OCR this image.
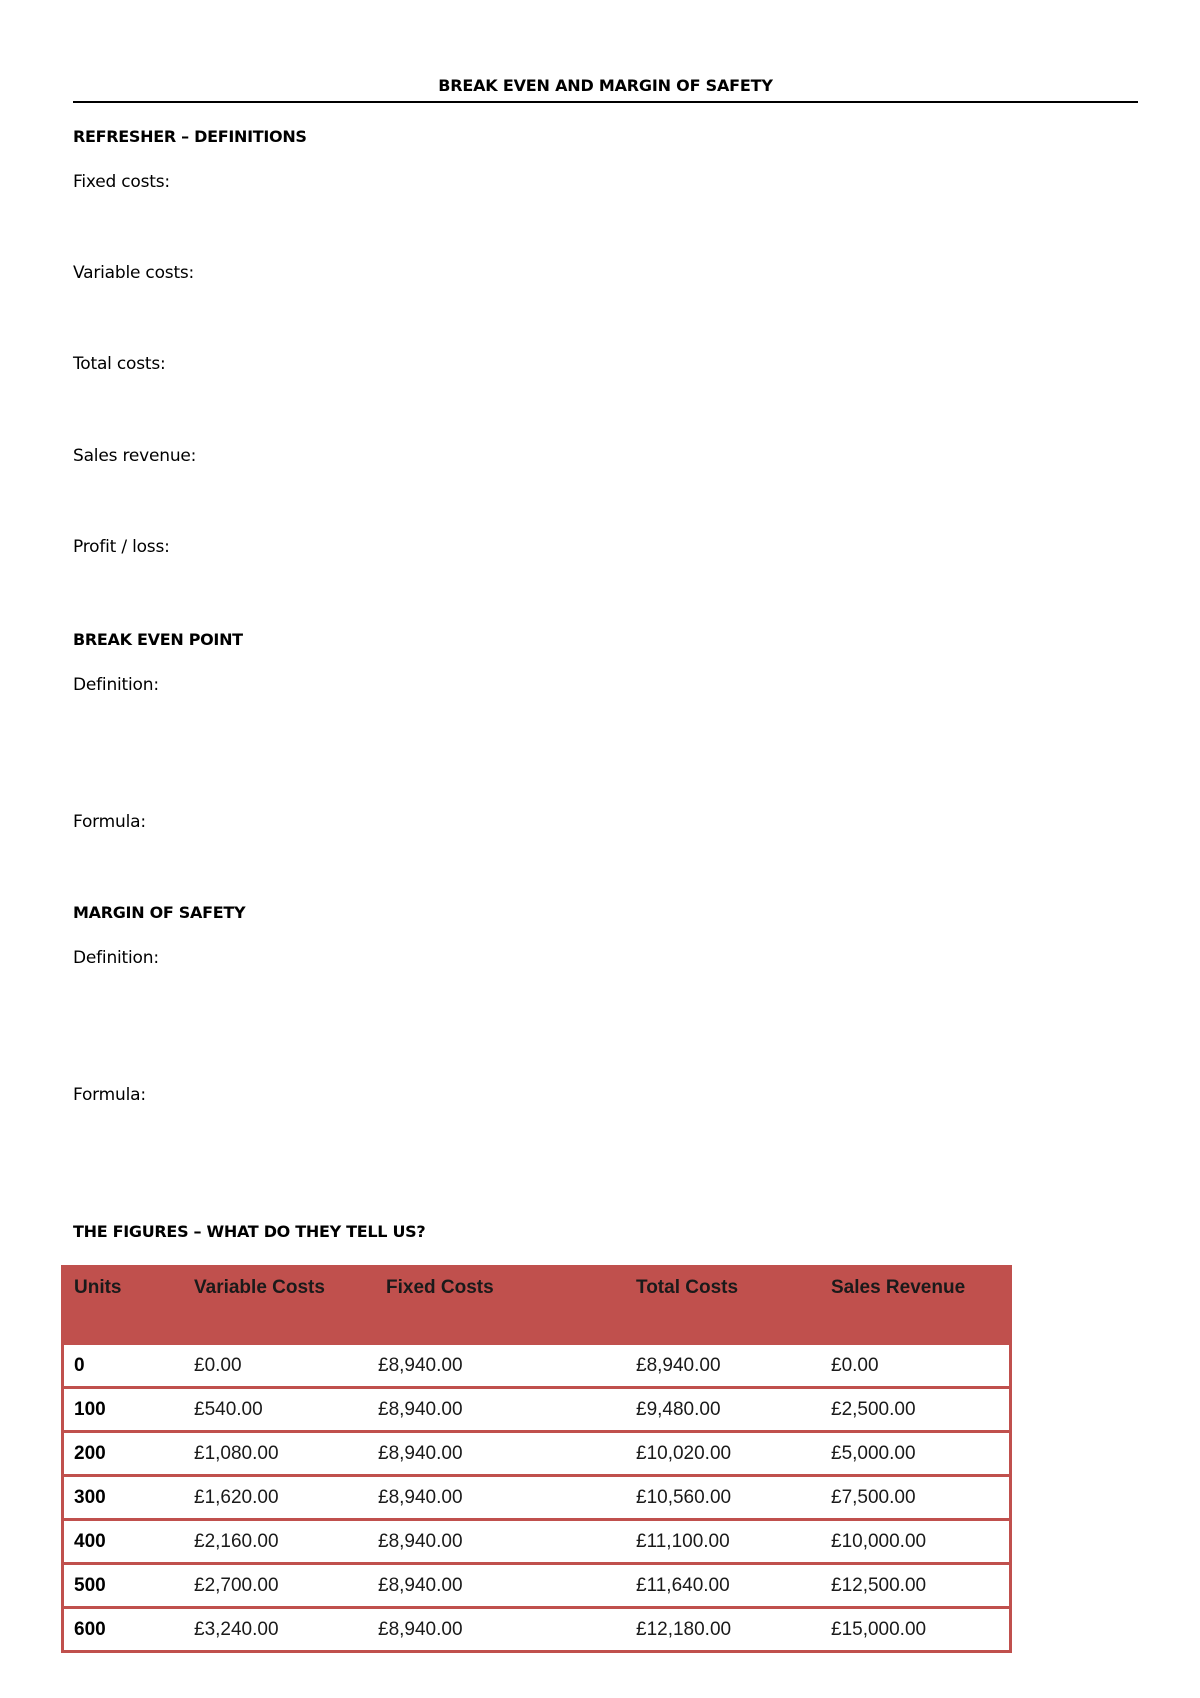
BREAK EVEN AND MARGIN OF SAFETY
REFRESHER – DEFINITIONS
Fixed costs:
Variable costs:
Total costs:
Sales revenue:
Profit / loss:
BREAK EVEN POINT
Definition:
Formula:
MARGIN OF SAFETY
Definition:
Formula:
THE FIGURES – WHAT DO THEY TELL US?
Units	Variable Costs	Fixed Costs	Total Costs	Sales Revenue
0	£0.00	£8,940.00	£8,940.00	£0.00
100	£540.00	£8,940.00	£9,480.00	£2,500.00
200	£1,080.00	£8,940.00	£10,020.00	£5,000.00
300	£1,620.00	£8,940.00	£10,560.00	£7,500.00
400	£2,160.00	£8,940.00	£11,100.00	£10,000.00
500	£2,700.00	£8,940.00	£11,640.00	£12,500.00
600	£3,240.00	£8,940.00	£12,180.00	£15,000.00
